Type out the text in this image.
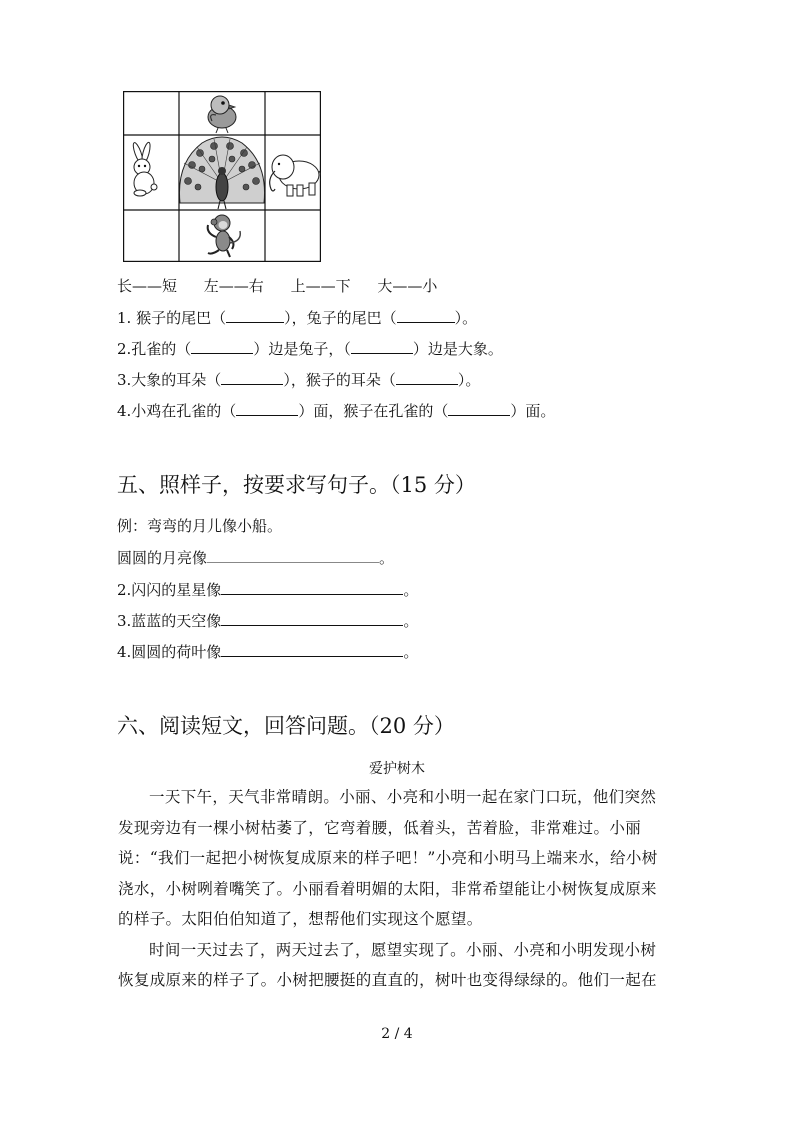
长——短 左——右 上——下 大——小
1. 猴子的尾巴（	），兔子的尾巴（	）。
2.孔雀的（	）边是兔子，（	）边是大象。
3.大象的耳朵（	），猴子的耳朵（	）。
4.小鸡在孔雀的（	）面，猴子在孔雀的（	）面。
五、照样子，按要求写句子。（15 分）
例：弯弯的月儿像小船。
圆圆的月亮像	。
2.闪闪的星星像	。
3.蓝蓝的天空像	。
4.圆圆的荷叶像	。
六、阅读短文，回答问题。（20 分）
爱护树木

一天下午，天气非常晴朗。小丽、小亮和小明一起在家门口玩，他们突然发现旁边有一棵小树枯萎了，它弯着腰，低着头，苦着脸，非常难过。小丽说：“我们一起把小树恢复成原来的样子吧！”小亮和小明马上端来水，给小树浇水，小树咧着嘴笑了。小丽看着明媚的太阳，非常希望能让小树恢复成原来的样子。太阳伯伯知道了，想帮他们实现这个愿望。

时间一天过去了，两天过去了，愿望实现了。小丽、小亮和小明发现小树恢复成原来的样子了。小树把腰挺的直直的，树叶也变得绿绿的。他们一起在

2 / 4
